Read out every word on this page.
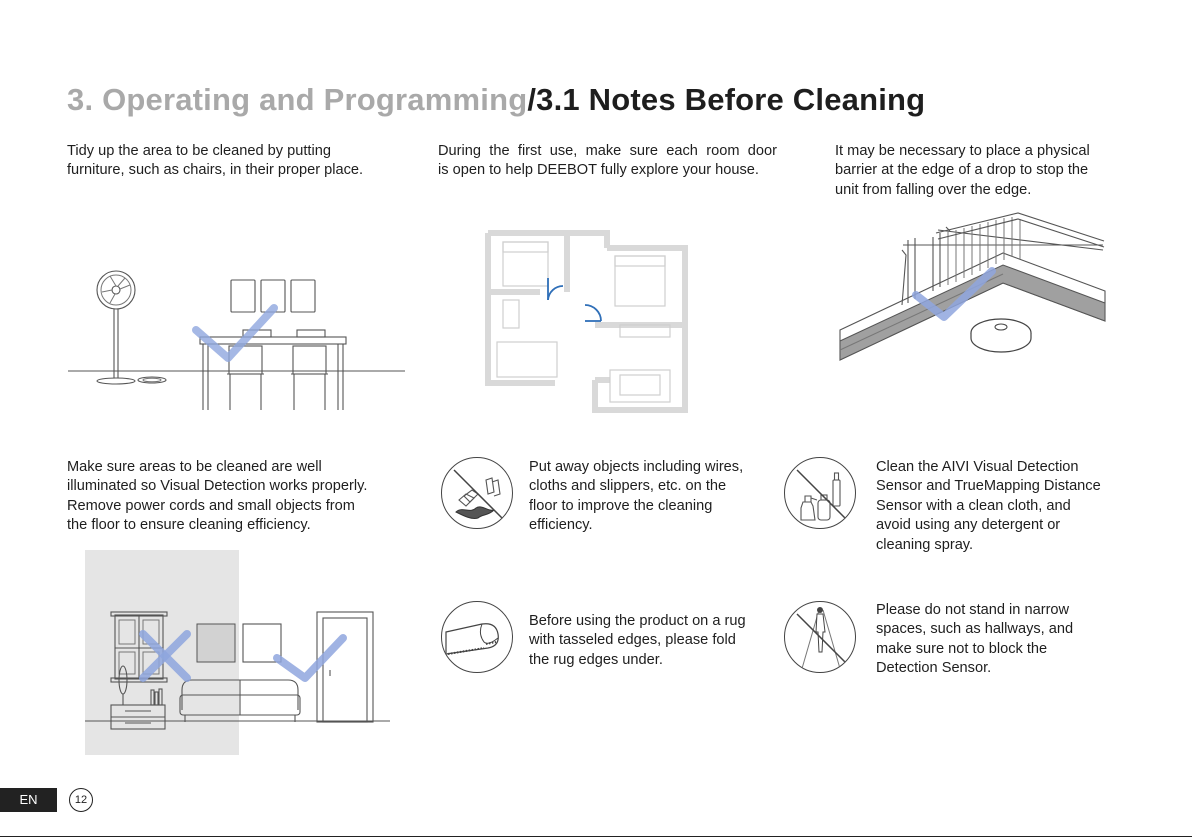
3. Operating and Programming/3.1 Notes Before Cleaning
Tidy up the area to be cleaned by putting
furniture, such as chairs, in their proper place.
During the first use, make sure each room door
is open to help DEEBOT fully explore your house.
It may be necessary to place a physical
barrier at the edge of a drop to stop the
unit from falling over the edge.
Make sure areas to be cleaned are well
illuminated so Visual Detection works properly.
Remove power cords and small objects from
the floor to ensure cleaning efficiency.
Put away objects including wires,
cloths and slippers, etc. on the
floor to improve the cleaning
efficiency.
Clean the AIVI Visual Detection
Sensor and TrueMapping Distance
Sensor with a clean cloth, and
avoid using any detergent or
cleaning spray.
Before using the product on a rug
with tasseled edges, please fold
the rug edges under.
Please do not stand in narrow
spaces, such as hallways, and
make sure not to block the
Detection Sensor.
EN	12
